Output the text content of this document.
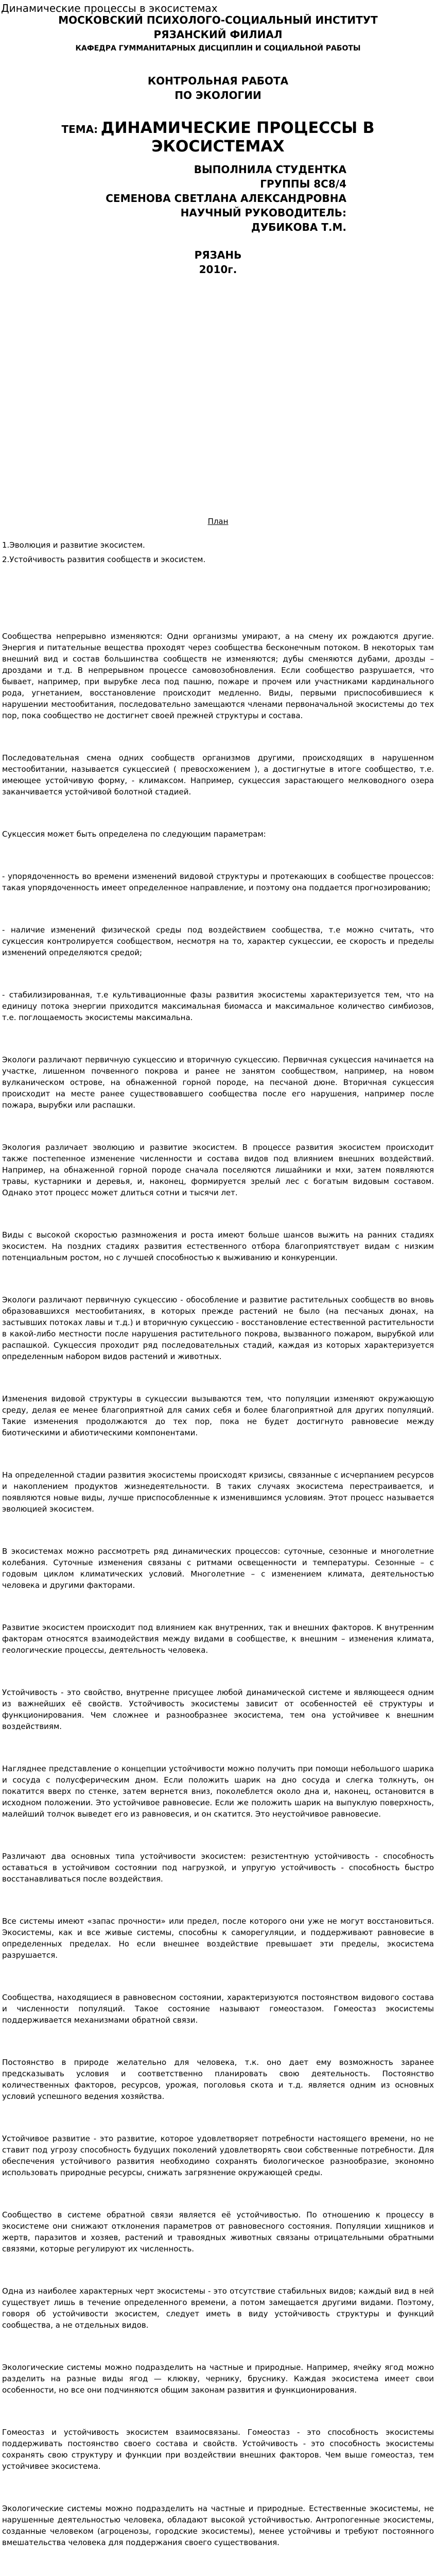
Динамические процессы в экосистемах
МОСКОВСКИЙ ПСИХОЛОГО-СОЦИАЛЬНЫЙ ИНСТИТУТ
РЯЗАНСКИЙ ФИЛИАЛ
КАФЕДРА ГУММАНИТАРНЫХ ДИСЦИПЛИН И СОЦИАЛЬНОЙ РАБОТЫ
КОНТРОЛЬНАЯ РАБОТА
ПО ЭКОЛОГИИ
ТЕМА: ДИНАМИЧЕСКИЕ ПРОЦЕССЫ В
ЭКОСИСТЕМАХ
ВЫПОЛНИЛА СТУДЕНТКА
ГРУППЫ 8С8/4
СЕМЕНОВА СВЕТЛАНА АЛЕКСАНДРОВНА
НАУЧНЫЙ РУКОВОДИТЕЛЬ:
ДУБИКОВА Т.М.
РЯЗАНЬ
2010г.
План
1.Эволюция и развитие экосистем.
2.Устойчивость развития сообществ и экосистем.

Сообщества непрерывно изменяются: Одни организмы умирают, а на смену их рождаются другие. Энергия и питательные вещества проходят через сообщества бесконечным потоком. В некоторых там внешний вид и состав большинства сообществ не изменяются; дубы сменяются дубами, дрозды – дроздами и т.д. В непрерывном процессе самовозобновления. Если сообщество разрушается, что бывает, например, при вырубке леса под пашню, пожаре и прочем или участниками кардинального рода, угнетанием, восстановление происходит медленно. Виды, первыми приспособившиеся к нарушении местообитания, последовательно замещаются членами первоначальной экосистемы до тех пор, пока сообщество не достигнет своей прежней структуры и состава.

Последовательная смена одних сообществ организмов другими, происходящих в нарушенном местообитании, называется сукцессией ( превосхожением ), а достигнутые в итоге сообщество, т.е. имеющее устойчивую форму, - климаксом. Например, сукцессия зарастающего мелководного озера заканчивается устойчивой болотной стадией.

Сукцессия может быть определена по следующим параметрам:

- упорядоченность во времени изменений видовой структуры и протекающих в сообществе процессов: такая упорядоченность имеет определенное направление, и поэтому она поддается прогнозированию;

- наличие изменений физической среды под воздействием сообщества, т.е можно считать, что сукцессия контролируется сообществом, несмотря на то, характер сукцессии, ее скорость и пределы изменений определяются средой;

- стабилизированная, т.е культивационные фазы развития экосистемы характеризуется тем, что на единицу потока энергии приходится максимальная биомасса и максимальное количество симбиозов, т.е. поглощаемость экосистемы максимальна.

Экологи различают первичную сукцессию и вторичную сукцессию. Первичная сукцессия начинается на участке, лишенном почвенного покрова и ранее не занятом сообществом, например, на новом вулканическом острове, на обнаженной горной породе, на песчаной дюне. Вторичная сукцессия происходит на месте ранее существовавшего сообщества после его нарушения, например после пожара, вырубки или распашки.

Экология различает эволюцию и развитие экосистем. В процессе развития экосистем происходит также постепенное изменение численности и состава видов под влиянием внешних воздействий. Например, на обнаженной горной породе сначала поселяются лишайники и мхи, затем появляются травы, кустарники и деревья, и, наконец, формируется зрелый лес с богатым видовым составом. Однако этот процесс может длиться сотни и тысячи лет.

Виды с высокой скоростью размножения и роста имеют больше шансов выжить на ранних стадиях экосистем. На поздних стадиях развития естественного отбора благоприятствует видам с низким потенциальным ростом, но с лучшей способностью к выживанию и конкуренции.

Экологи различают первичную сукцессию - обособление и развитие растительных сообществ во вновь образовавшихся местообитаниях, в которых прежде растений не было (на песчаных дюнах, на застывших потоках лавы и т.д.) и вторичную сукцессию - восстановление естественной растительности в какой-либо местности после нарушения растительного покрова, вызванного пожаром, вырубкой или распашкой. Сукцессия проходит ряд последовательных стадий, каждая из которых характеризуется определенным набором видов растений и животных.

Изменения видовой структуры в сукцессии вызываются тем, что популяции изменяют окружающую среду, делая ее менее благоприятной для самих себя и более благоприятной для других популяций. Такие изменения продолжаются до тех пор, пока не будет достигнуто равновесие между биотическими и абиотическими компонентами.

На определенной стадии развития экосистемы происходят кризисы, связанные с исчерпанием ресурсов и накоплением продуктов жизнедеятельности. В таких случаях экосистема перестраивается, и появляются новые виды, лучше приспособленные к изменившимся условиям. Этот процесс называется эволюцией экосистем.

В экосистемах можно рассмотреть ряд динамических процессов: суточные, сезонные и многолетние колебания. Суточные изменения связаны с ритмами освещенности и температуры. Сезонные – с годовым циклом климатических условий. Многолетние – с изменением климата, деятельностью человека и другими факторами.

Развитие экосистем происходит под влиянием как внутренних, так и внешних факторов. К внутренним факторам относятся взаимодействия между видами в сообществе, к внешним – изменения климата, геологические процессы, деятельность человека.

Устойчивость - это свойство, внутренне присущее любой динамической системе и являющееся одним из важнейших её свойств. Устойчивость экосистемы зависит от особенностей её структуры и функционирования. Чем сложнее и разнообразнее экосистема, тем она устойчивее к внешним воздействиям.

Нагляднее представление о концепции устойчивости можно получить при помощи небольшого шарика и сосуда с полусферическим дном. Если положить шарик на дно сосуда и слегка толкнуть, он покатится вверх по стенке, затем вернется вниз, поколеблется около дна и, наконец, остановится в исходном положении. Это устойчивое равновесие. Если же положить шарик на выпуклую поверхность, малейший толчок выведет его из равновесия, и он скатится. Это неустойчивое равновесие.

Различают два основных типа устойчивости экосистем: резистентную устойчивость - способность оставаться в устойчивом состоянии под нагрузкой, и упругую устойчивость - способность быстро восстанавливаться после воздействия.

Все системы имеют «запас прочности» или предел, после которого они уже не могут восстановиться. Экосистемы, как и все живые системы, способны к саморегуляции, и поддерживают равновесие в определенных пределах. Но если внешнее воздействие превышает эти пределы, экосистема разрушается.

Сообщества, находящиеся в равновесном состоянии, характеризуются постоянством видового состава и численности популяций. Такое состояние называют гомеостазом. Гомеостаз экосистемы поддерживается механизмами обратной связи.

Постоянство в природе желательно для человека, т.к. оно дает ему возможность заранее предсказывать условия и соответственно планировать свою деятельность. Постоянство количественных факторов, ресурсов, урожая, поголовья скота и т.д. является одним из основных условий успешного ведения хозяйства.

Устойчивое развитие - это развитие, которое удовлетворяет потребности настоящего времени, но не ставит под угрозу способность будущих поколений удовлетворять свои собственные потребности. Для обеспечения устойчивого развития необходимо сохранять биологическое разнообразие, экономно использовать природные ресурсы, снижать загрязнение окружающей среды.

Сообщество в системе обратной связи является её устойчивостью. По отношению к процессу в экосистеме они снижают отклонения параметров от равновесного состояния. Популяции хищников и жертв, паразитов и хозяев, растений и травоядных животных связаны отрицательными обратными связями, которые регулируют их численность.

Одна из наиболее характерных черт экосистемы - это отсутствие стабильных видов; каждый вид в ней существует лишь в течение определенного времени, а потом замещается другими видами. Поэтому, говоря об устойчивости экосистем, следует иметь в виду устойчивость структуры и функций сообщества, а не отдельных видов.

Экологические системы можно подразделить на частные и природные. Например, ячейку ягод можно разделить на разные виды ягод — клюкву, чернику, бруснику. Каждая экосистема имеет свои особенности, но все они подчиняются общим законам развития и функционирования.

Гомеостаз и устойчивость экосистем взаимосвязаны. Гомеостаз - это способность экосистемы поддерживать постоянство своего состава и свойств. Устойчивость - это способность экосистемы сохранять свою структуру и функции при воздействии внешних факторов. Чем выше гомеостаз, тем устойчивее экосистема.

Экологические системы можно подразделить на частные и природные. Естественные экосистемы, не нарушенные деятельностью человека, обладают высокой устойчивостью. Антропогенные экосистемы, созданные человеком (агроценозы, городские экосистемы), менее устойчивы и требуют постоянного вмешательства человека для поддержания своего существования.
